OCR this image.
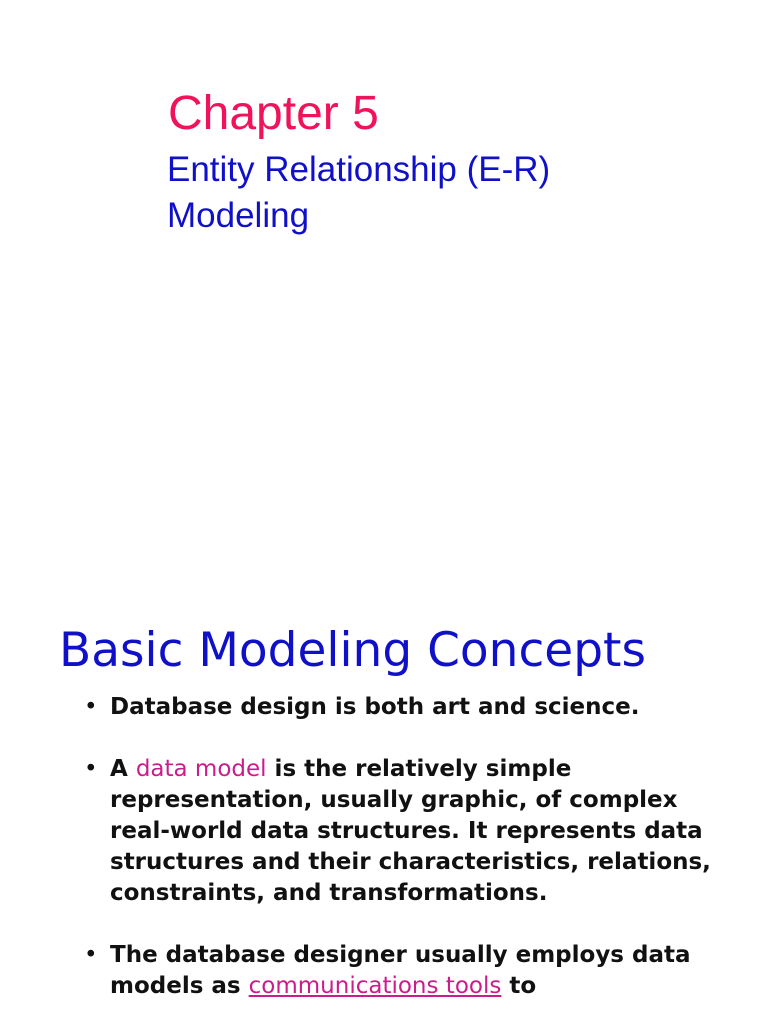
Chapter 5
Entity Relationship (E-R)
Modeling
Basic Modeling Concepts
• Database design is both art and science.
• A data model is the relatively simple representation, usually graphic, of complex real-world data structures. It represents data structures and their characteristics, relations, constraints, and transformations.
• The database designer usually employs data models as communications tools to
